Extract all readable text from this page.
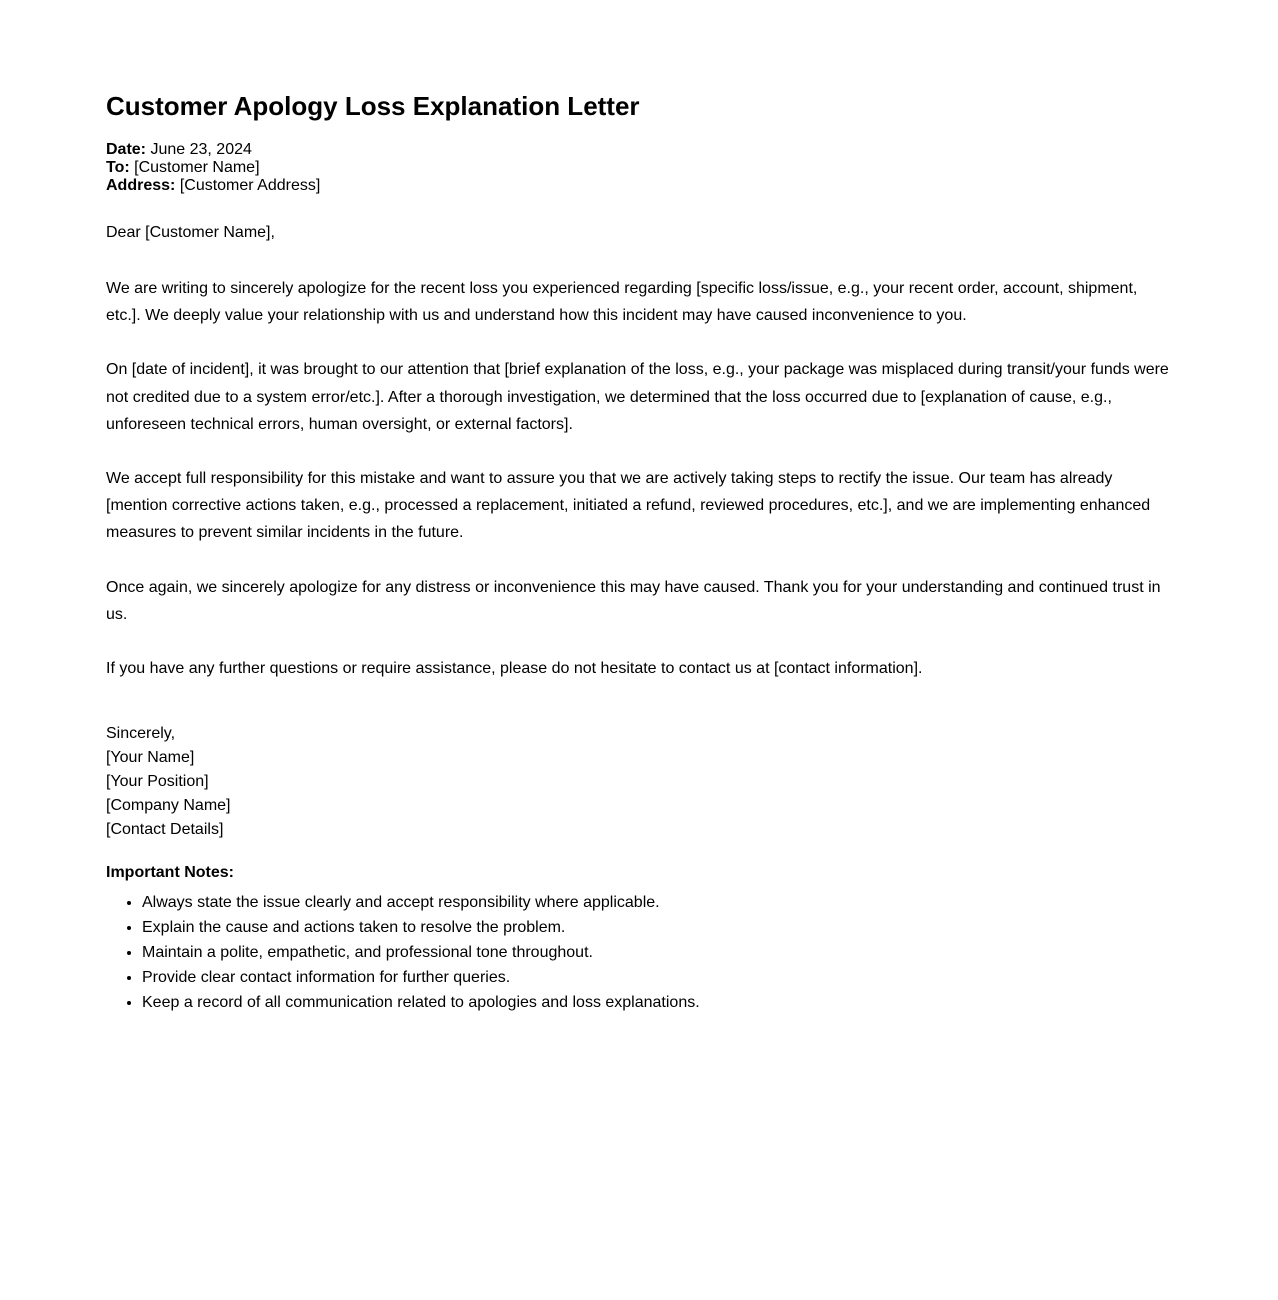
Customer Apology Loss Explanation Letter
Date: June 23, 2024
To: [Customer Name]
Address: [Customer Address]
Dear [Customer Name],

We are writing to sincerely apologize for the recent loss you experienced regarding [specific loss/issue, e.g., your recent order, account, shipment, etc.]. We deeply value your relationship with us and understand how this incident may have caused inconvenience to you.

On [date of incident], it was brought to our attention that [brief explanation of the loss, e.g., your package was misplaced during transit/your funds were not credited due to a system error/etc.]. After a thorough investigation, we determined that the loss occurred due to [explanation of cause, e.g., unforeseen technical errors, human oversight, or external factors].

We accept full responsibility for this mistake and want to assure you that we are actively taking steps to rectify the issue. Our team has already [mention corrective actions taken, e.g., processed a replacement, initiated a refund, reviewed procedures, etc.], and we are implementing enhanced measures to prevent similar incidents in the future.

Once again, we sincerely apologize for any distress or inconvenience this may have caused. Thank you for your understanding and continued trust in us.

If you have any further questions or require assistance, please do not hesitate to contact us at [contact information].

Sincerely,
[Your Name]
[Your Position]
[Company Name]
[Contact Details]
Important Notes:
• Always state the issue clearly and accept responsibility where applicable.
• Explain the cause and actions taken to resolve the problem.
• Maintain a polite, empathetic, and professional tone throughout.
• Provide clear contact information for further queries.
• Keep a record of all communication related to apologies and loss explanations.
